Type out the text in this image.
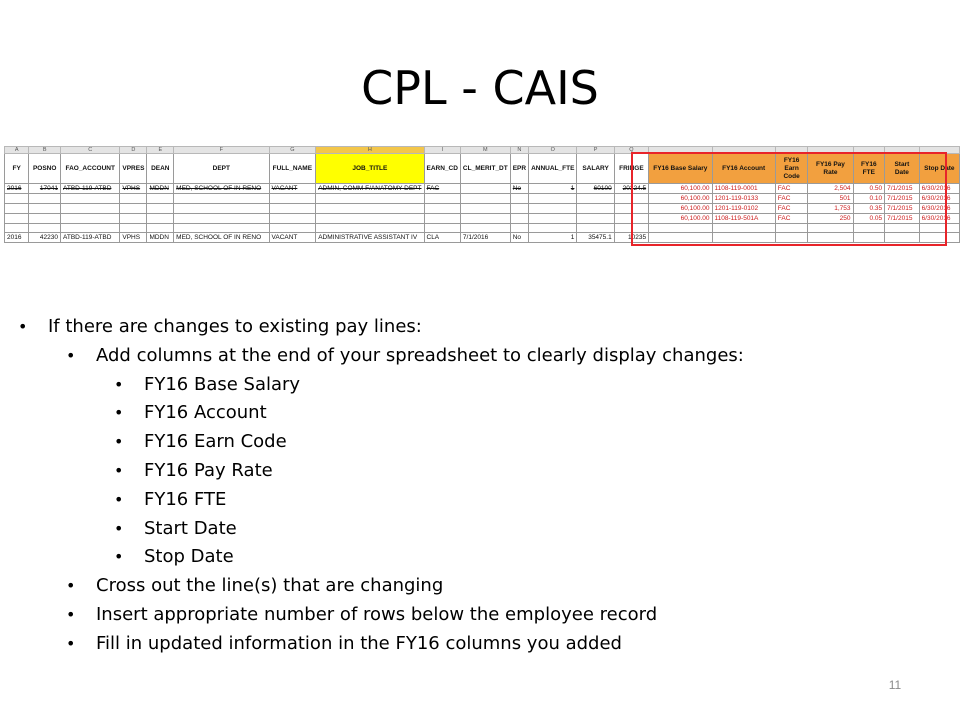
CPL - CAIS
A	B	C	D	E	F	G	H	I	M	N	O	P	Q							
FY	POSNO	FAO_ACCOUNT	VPRES	DEAN	DEPT	FULL_NAME	JOB_TITLE	EARN_CD	CL_MERIT_DT	EPR	ANNUAL_FTE	SALARY	FRINGE	FY16 Base Salary	FY16 Account	FY16 Earn Code	FY16 Pay Rate	FY16 FTE	Start Date	Stop Date
2016	17041	ATBD-119-ATBD	VPHS	MDDN	MED, SCHOOL OF IN RENO	VACANT	ADMIN, COMM F/ANATOMY DEPT	FAC		No	1	60100	20324.5	60,100.00	1108-119-0001	FAC	2,504	0.50	7/1/2015	6/30/2016
														60,100.00	1201-119-0133	FAC	501	0.10	7/1/2015	6/30/2016
														60,100.00	1201-119-0102	FAC	1,753	0.35	7/1/2015	6/30/2016
														60,100.00	1108-119-501A	FAC	250	0.05	7/1/2015	6/30/2016

2016	42230	ATBD-119-ATBD	VPHS	MDDN	MED, SCHOOL OF IN RENO	VACANT	ADMINISTRATIVE ASSISTANT IV	CLA	7/1/2016	No	1	35475.1	10235							
• If there are changes to existing pay lines:
• Add columns at the end of your spreadsheet to clearly display changes:
• FY16 Base Salary
• FY16 Account
• FY16 Earn Code
• FY16 Pay Rate
• FY16 FTE
• Start Date
• Stop Date
• Cross out the line(s) that are changing
• Insert appropriate number of rows below the employee record
• Fill in updated information in the FY16 columns you added
11
